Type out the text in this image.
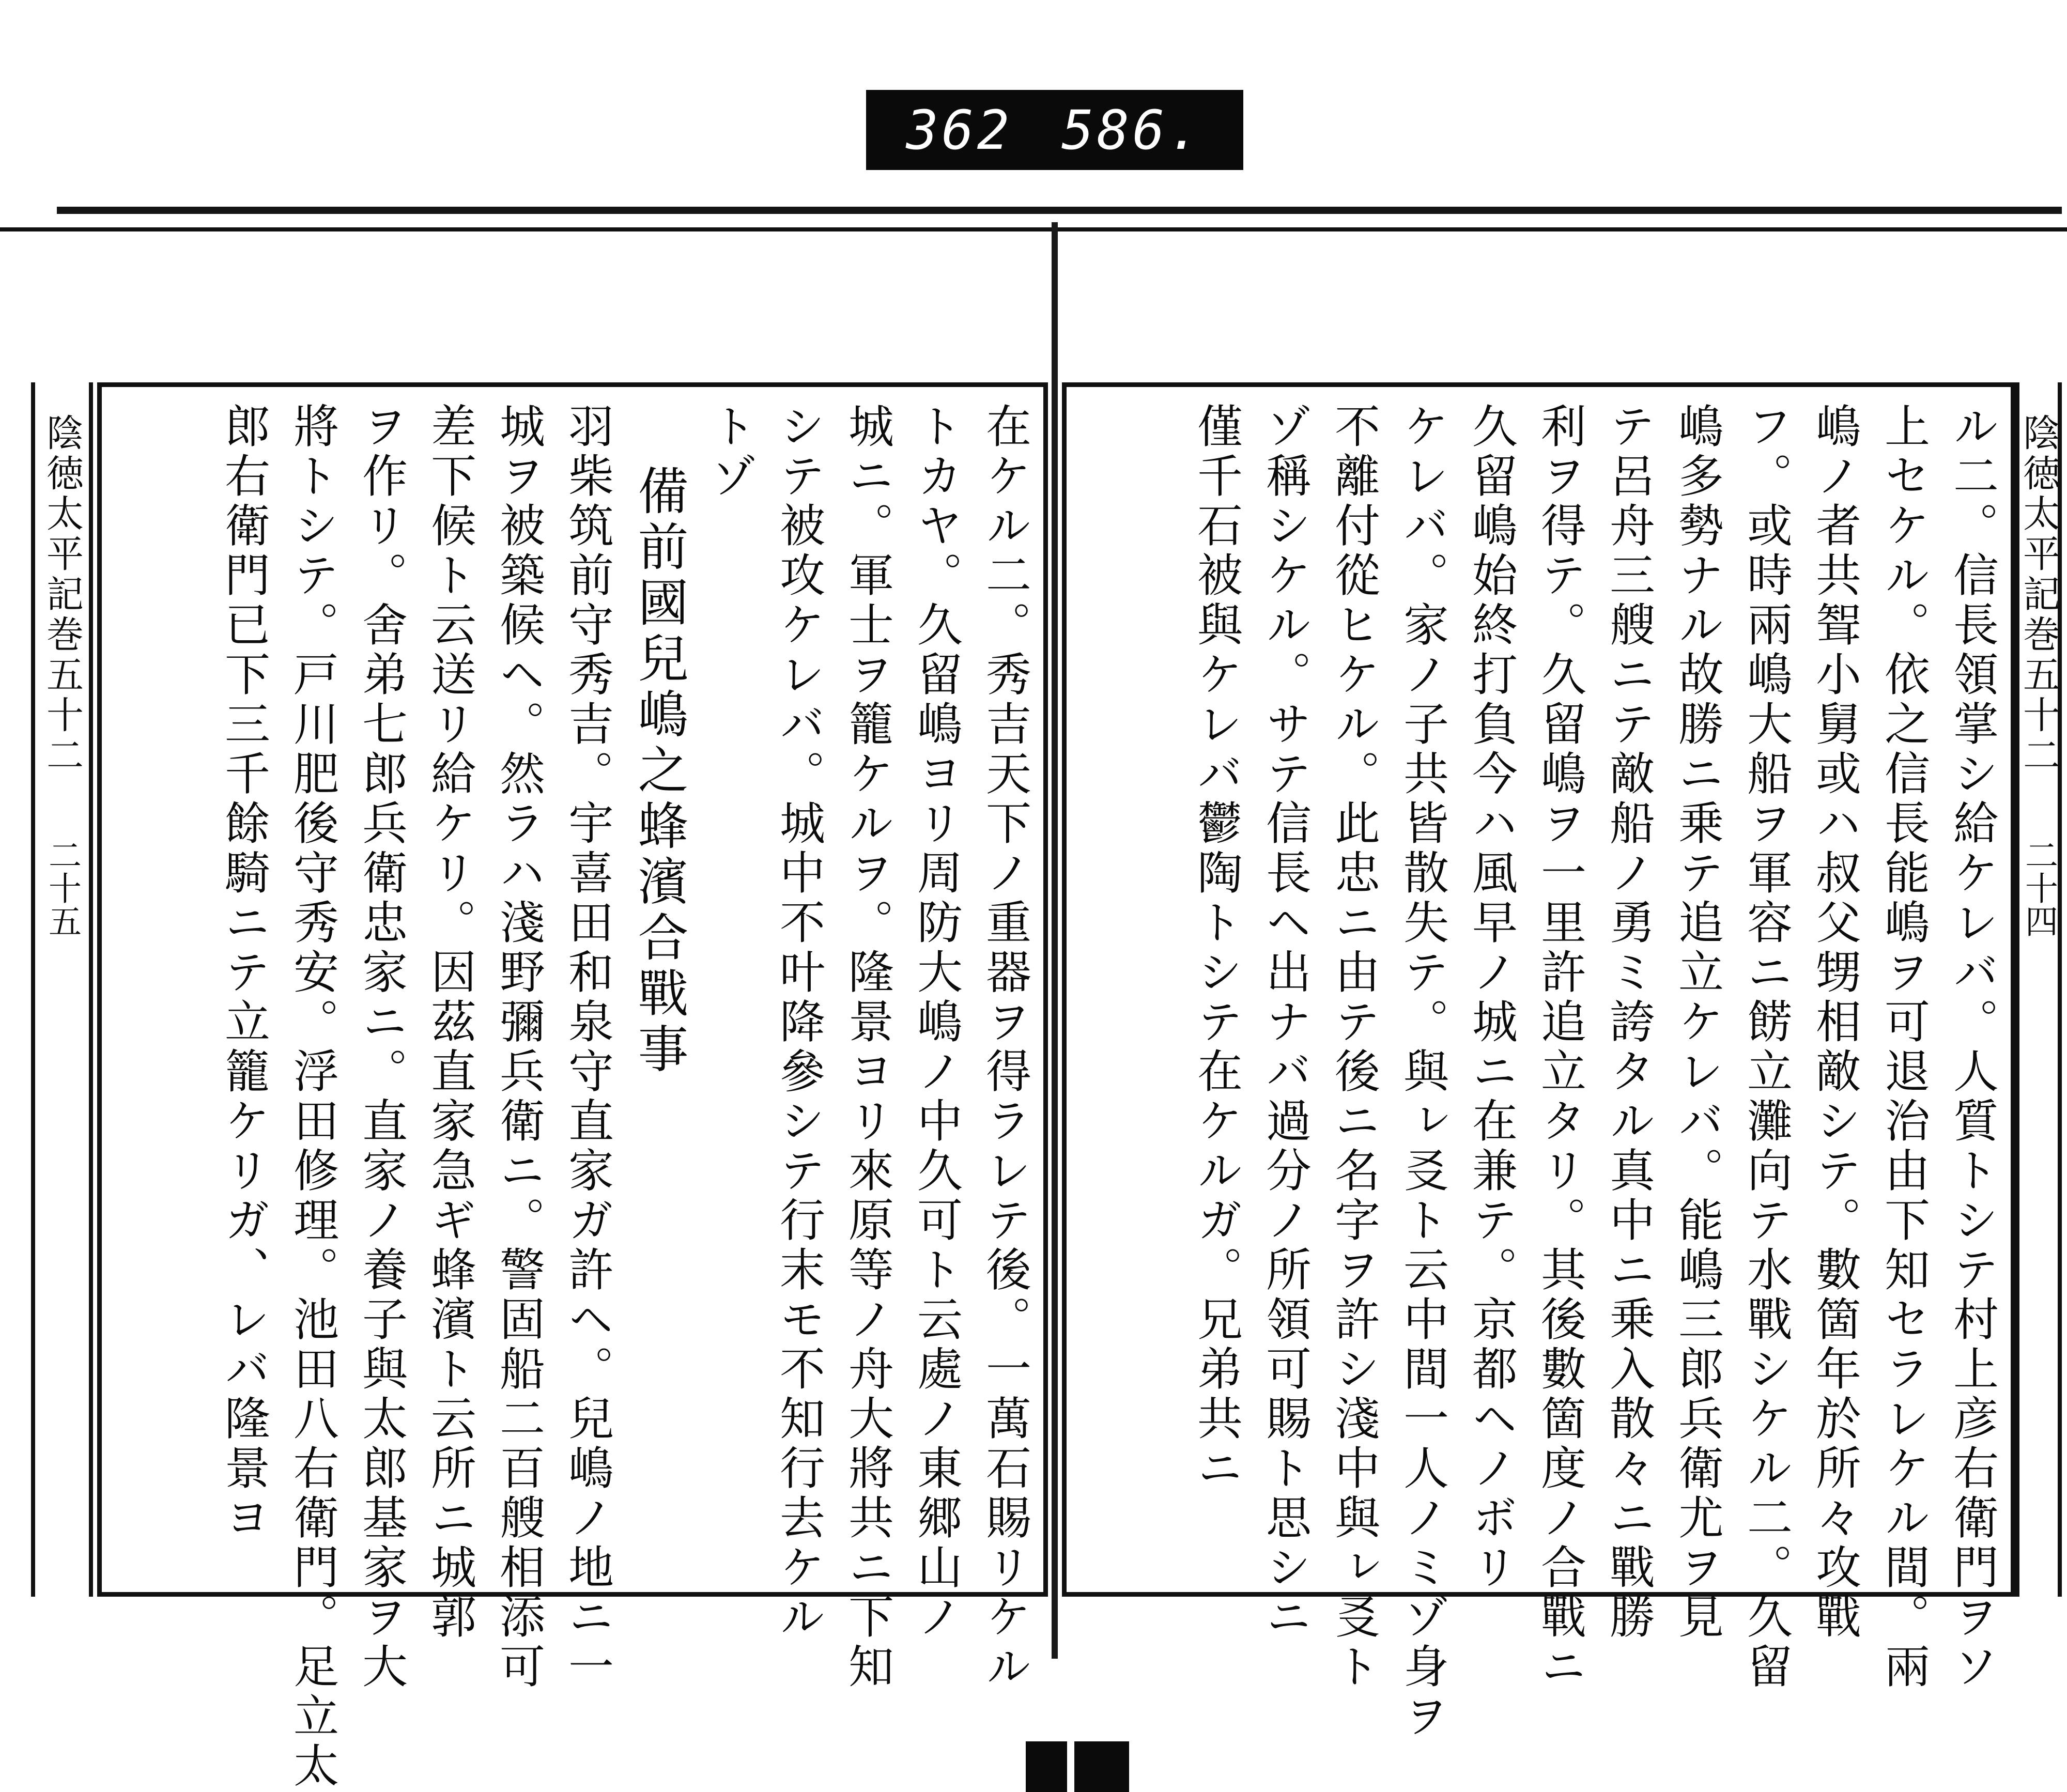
362 586.
陰徳太平記巻五十二
二十五
陰徳太平記巻五十二
二十四
ル二。信長領掌シ給ケレバ。人質トシテ村上彦右衛門ヲソ
上セケル。依之信長能嶋ヲ可退治由下知セラレケル間。兩
嶋ノ者共聟小舅或ハ叔父甥相敵シテ。數箇年於所々攻戰
フ。或時兩嶋大船ヲ軍容ニ餝立灘向テ水戰シケル二。久留
嶋多勢ナル故勝ニ乗テ追立ケレバ。能嶋三郎兵衛尤ヲ見
テ呂舟三艘ニテ敵船ノ勇ミ誇タル真中ニ乗入散々ニ戰勝
利ヲ得テ。久留嶋ヲ一里許追立タリ。其後數箇度ノ合戰ニ
久留嶋始終打負今ハ風早ノ城ニ在兼テ。京都ヘノボリ
ケレバ。家ノ子共皆散失テ。與ㇾ㕛ト云中間一人ノミゾ身ヲ
不離付從ヒケル。此忠ニ由テ後ニ名字ヲ許シ淺中與ㇾ㕛ト
ゾ稱シケル。サテ信長ヘ出ナバ過分ノ所領可賜ト思シニ
僅千石被與ケレバ鬱陶トシテ在ケルガ。兄弟共ニ
在ケル二。秀吉天下ノ重器ヲ得ラレテ後。一萬石賜リケル
トカヤ。久留嶋ヨリ周防大嶋ノ中久可ト云處ノ東郷山ノ
城ニ。軍士ヲ籠ケルヲ。隆景ヨリ來原等ノ舟大將共ニ下知
シテ被攻ケレバ。城中不叶降參シテ行末モ不知行去ケル
トゾ
備前國兒嶋之蜂濱合戰事
羽柴筑前守秀吉。宇喜田和泉守直家ガ許ヘ。兒嶋ノ地ニ一
城ヲ被築候ヘ。然ラハ淺野彌兵衛ニ。警固船二百艘相添可
差下候ト云送リ給ケリ。因茲直家急ギ蜂濱ト云所ニ城郭
ヲ作リ。舍弟七郎兵衛忠家ニ。直家ノ養子與太郎基家ヲ大
將トシテ。戸川肥後守秀安。浮田修理。池田八右衛門。足立太
郎右衛門已下三千餘騎ニテ立籠ケリガ、レバ隆景ヨ
